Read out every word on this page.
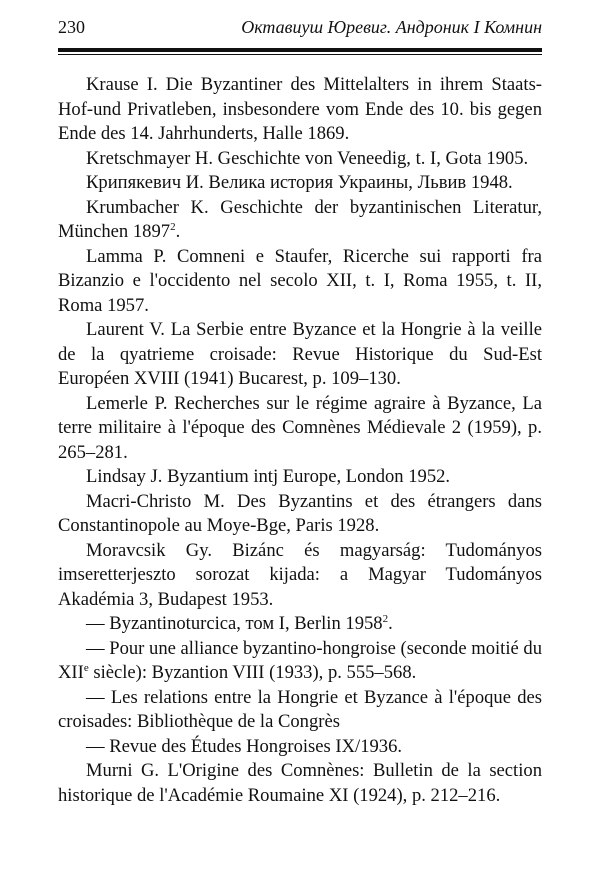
230	Октавиуш Юревиг. Андроник I Комнин

Krause I. Die Byzantiner des Mittelalters in ihrem Staats-Hof-und Privatleben, insbesondere vom Ende des 10. bis gegen Ende des 14. Jahrhunderts, Halle 1869.

Kretschmayer H. Geschichte von Veneedig, t. I, Gota 1905.

Крипякевич И. Велика история Украины, Львив 1948.

Krumbacher K. Geschichte der byzantinischen Literatur, München 1897$^2$.

Lamma P. Comneni e Staufer, Ricerche sui rapporti fra Bizanzio e l'occidento nel secolo XII, t. I, Roma 1955, t. II, Roma 1957.

Laurent V. La Serbie entre Byzance et la Hongrie à la veille de la qyatrieme croisade: Revue Historique du Sud-Est Européen XVIII (1941) Bucarest, p. 109–130.

Lemerle P. Recherches sur le régime agraire à Byzance, La terre militaire à l'époque des Comnènes Médievale 2 (1959), p. 265–281.

Lindsay J. Byzantium intj Europe, London 1952.

Macri-Christo M. Des Byzantins et des étrangers dans Constantinopole au Moye-Bge, Paris 1928.

Moravcsik Gy. Bizánc és magyarság: Tudományos imseretterjeszto sorozat kijada: a Magyar Tudományos Akadémia 3, Budapest 1953.

— Byzantinoturcica, том I, Berlin 1958$^2$.

— Pour une alliance byzantino-hongroise (seconde moitié du XIIe siècle): Byzantion VIII (1933), p. 555–568.

— Les relations entre la Hongrie et Byzance à l'époque des croisades: Bibliothèque de la Congrès

— Revue des Études Hongroises IX/1936.

Murni G. L'Origine des Comnènes: Bulletin de la section historique de l'Académie Roumaine XI (1924), p. 212–216.
